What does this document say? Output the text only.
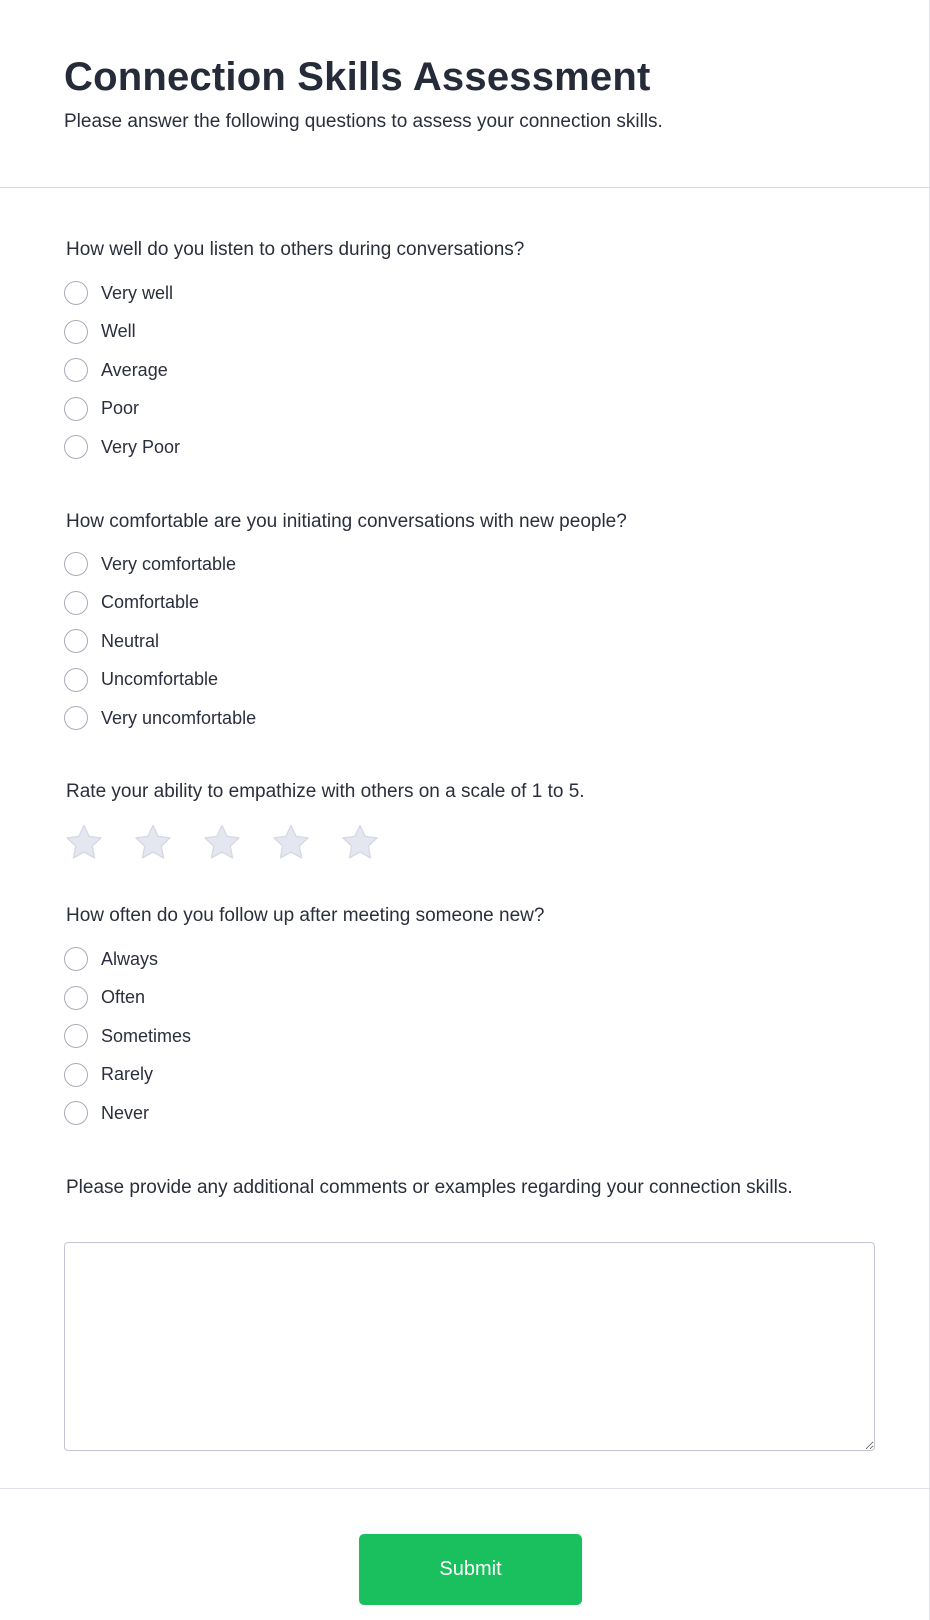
Connection Skills Assessment

Please answer the following questions to assess your connection skills.

How well do you listen to others during conversations?
Very well
Well
Average
Poor
Very Poor
How comfortable are you initiating conversations with new people?
Very comfortable
Comfortable
Neutral
Uncomfortable
Very uncomfortable
Rate your ability to empathize with others on a scale of 1 to 5.
How often do you follow up after meeting someone new?
Always
Often
Sometimes
Rarely
Never
Please provide any additional comments or examples regarding your connection skills.
Submit
